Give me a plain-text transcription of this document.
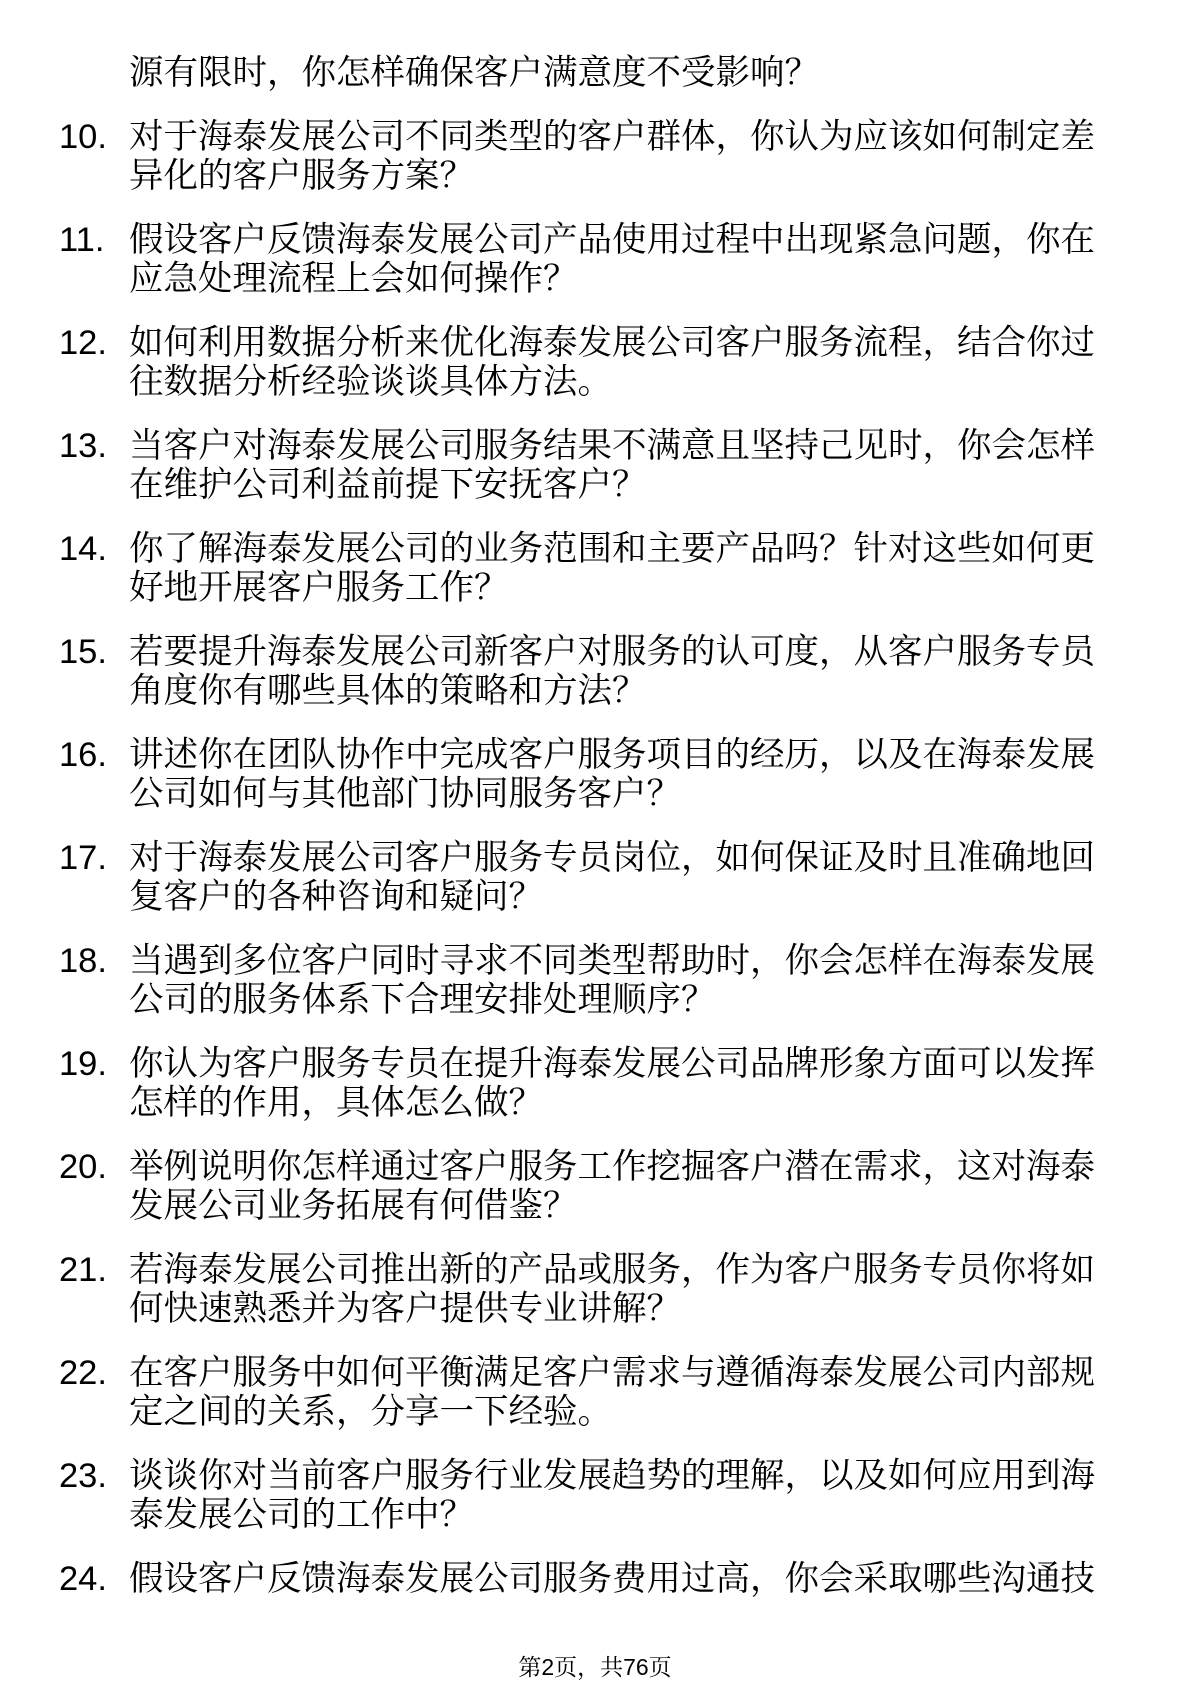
源有限时，你怎样确保客户满意度不受影响？
10. 对于海泰发展公司不同类型的客户群体，你认为应该如何制定差
异化的客户服务方案？
11. 假设客户反馈海泰发展公司产品使用过程中出现紧急问题，你在
应急处理流程上会如何操作？
12. 如何利用数据分析来优化海泰发展公司客户服务流程，结合你过
往数据分析经验谈谈具体方法。
13. 当客户对海泰发展公司服务结果不满意且坚持己见时，你会怎样
在维护公司利益前提下安抚客户？
14. 你了解海泰发展公司的业务范围和主要产品吗？针对这些如何更
好地开展客户服务工作？
15. 若要提升海泰发展公司新客户对服务的认可度，从客户服务专员
角度你有哪些具体的策略和方法？
16. 讲述你在团队协作中完成客户服务项目的经历，以及在海泰发展
公司如何与其他部门协同服务客户？
17. 对于海泰发展公司客户服务专员岗位，如何保证及时且准确地回
复客户的各种咨询和疑问？
18. 当遇到多位客户同时寻求不同类型帮助时，你会怎样在海泰发展
公司的服务体系下合理安排处理顺序？
19. 你认为客户服务专员在提升海泰发展公司品牌形象方面可以发挥
怎样的作用，具体怎么做？
20. 举例说明你怎样通过客户服务工作挖掘客户潜在需求，这对海泰
发展公司业务拓展有何借鉴？
21. 若海泰发展公司推出新的产品或服务，作为客户服务专员你将如
何快速熟悉并为客户提供专业讲解？
22. 在客户服务中如何平衡满足客户需求与遵循海泰发展公司内部规
定之间的关系，分享一下经验。
23. 谈谈你对当前客户服务行业发展趋势的理解，以及如何应用到海
泰发展公司的工作中？
24. 假设客户反馈海泰发展公司服务费用过高，你会采取哪些沟通技
第2页，共76页
